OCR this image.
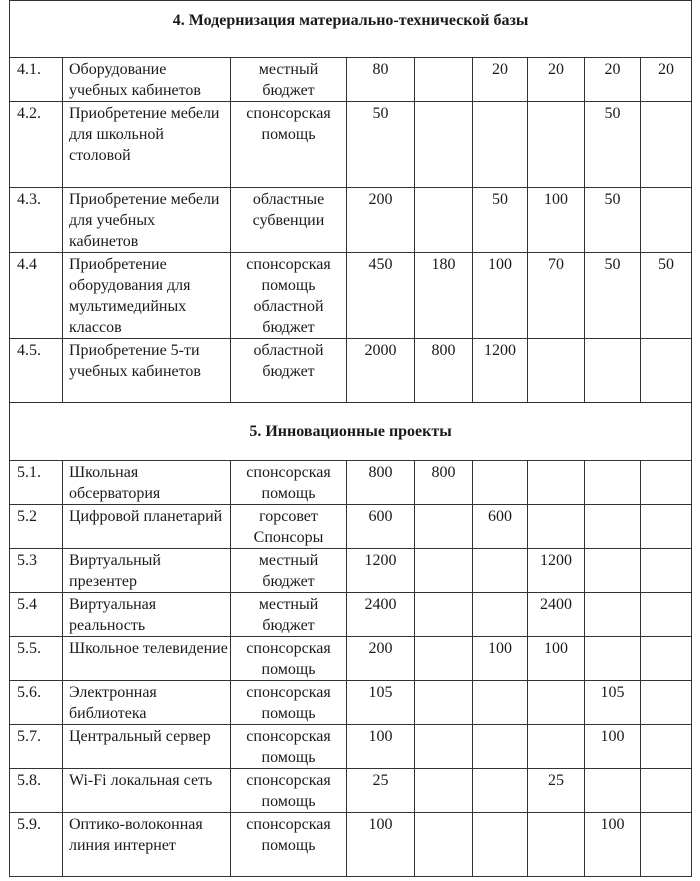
4. Модернизация материально-технической базы								
4.1.	Оборудование учебных кабинетов	местный
бюджет	80		20	20	20	20
4.2.	Приобретение мебели для школьной столовой	спонсорская
помощь	50				50	
4.3.	Приобретение мебели для учебных кабинетов	областные
субвенции	200		50	100	50	
4.4	Приобретение оборудования для мультимедийных классов	спонсорская
помощь
областной
бюджет	450	180	100	70	50	50
4.5.	Приобретение 5-ти учебных кабинетов	областной
бюджет	2000	800	1200			
5. Инновационные проекты								
5.1.	Школьная обсерватория	спонсорская
помощь	800	800				
5.2	Цифровой планетарий	горсовет
Спонсоры	600		600			
5.3	Виртуальный презентер	местный
бюджет	1200			1200		
5.4	Виртуальная реальность	местный
бюджет	2400			2400		
5.5.	Школьное телевидение	спонсорская
помощь	200		100	100		
5.6.	Электронная библиотека	спонсорская
помощь	105				105	
5.7.	Центральный сервер	спонсорская
помощь	100				100	
5.8.	Wi-Fi локальная сеть	спонсорская
помощь	25			25		
5.9.	Оптико-волоконная линия интернет	спонсорская
помощь	100				100	
